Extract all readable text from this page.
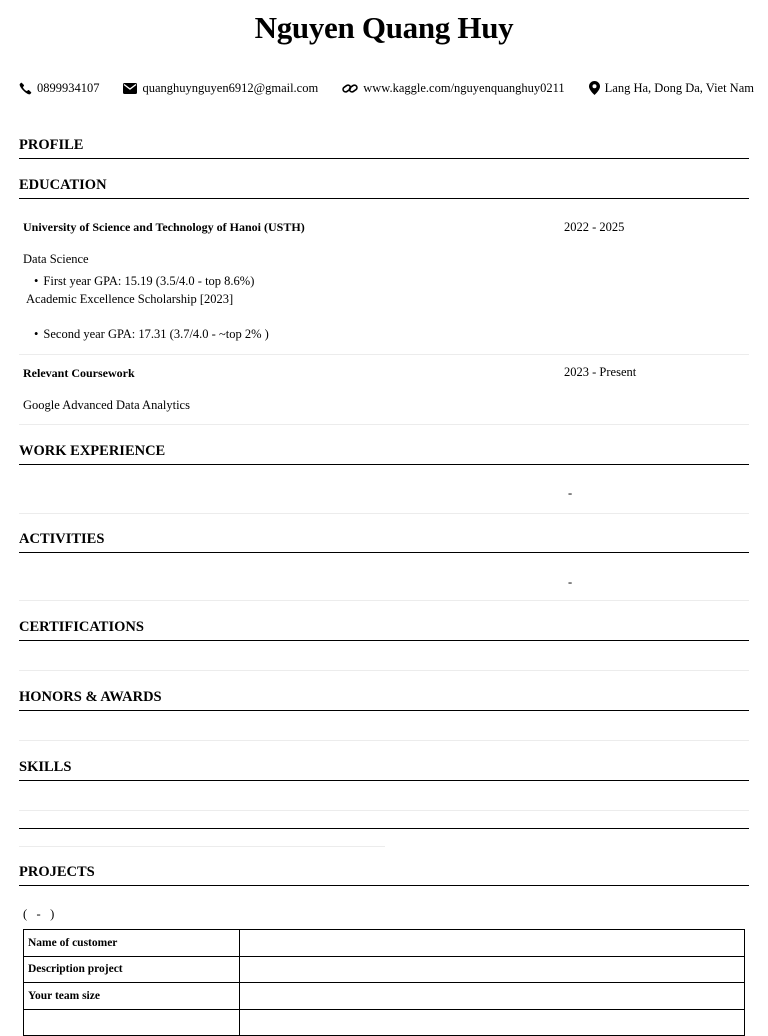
Nguyen Quang Huy
0899934107	quanghuynguyen6912@gmail.com	www.kaggle.com/nguyenquanghuy0211	Lang Ha, Dong Da, Viet Nam
PROFILE
EDUCATION
University of Science and Technology of Hanoi (USTH)	2022 - 2025
Data Science
• First year GPA: 15.19 (3.5/4.0 - top 8.6%)
Academic Excellence Scholarship [2023]
• Second year GPA: 17.31 (3.7/4.0 - ~top 2% )
Relevant Coursework	2023 - Present
Google Advanced Data Analytics
WORK EXPERIENCE
-
ACTIVITIES
-
CERTIFICATIONS
HONORS & AWARDS
SKILLS
PROJECTS
(   -   )
Name of customer	
Description project	
Your team size	
